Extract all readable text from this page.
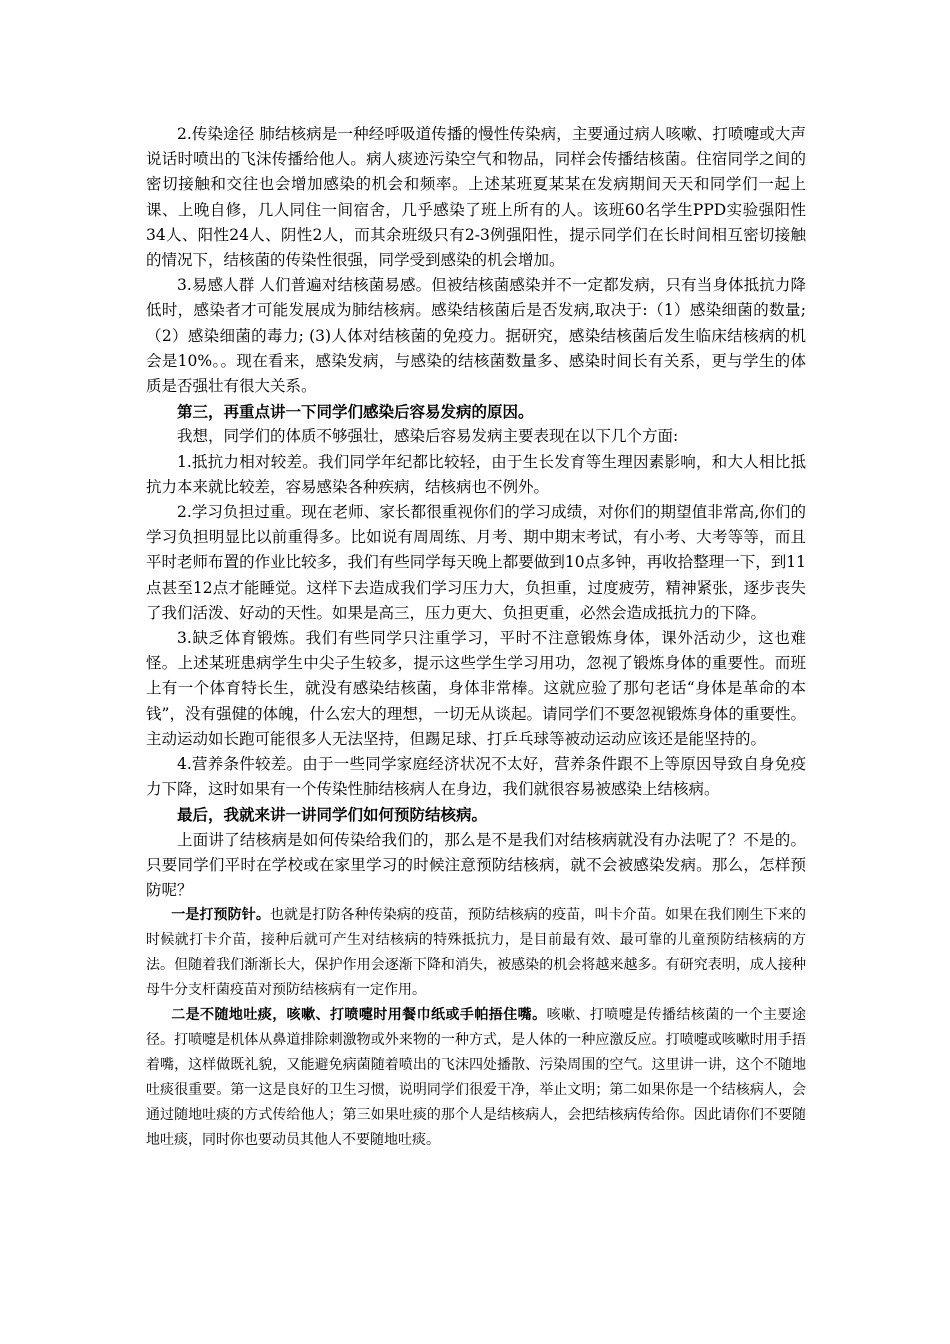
2.传染途径 肺结核病是一种经呼吸道传播的慢性传染病，主要通过病人咳嗽、打喷嚏或大声说话时喷出的飞沫传播给他人。病人痰迹污染空气和物品，同样会传播结核菌。住宿同学之间的密切接触和交往也会增加感染的机会和频率。上述某班夏某某在发病期间天天和同学们一起上课、上晚自修，几人同住一间宿舍，几乎感染了班上所有的人。该班60名学生PPD实验强阳性34人、阳性24人、阴性2人，而其余班级只有2-3例强阳性，提示同学们在长时间相互密切接触的情况下，结核菌的传染性很强，同学受到感染的机会增加。

3.易感人群 人们普遍对结核菌易感。但被结核菌感染并不一定都发病，只有当身体抵抗力降低时，感染者才可能发展成为肺结核病。感染结核菌后是否发病,取决于:（1）感染细菌的数量; （2）感染细菌的毒力; (3)人体对结核菌的免疫力。据研究，感染结核菌后发生临床结核病的机会是10%。。现在看来，感染发病，与感染的结核菌数量多、感染时间长有关系，更与学生的体质是否强壮有很大关系。

第三，再重点讲一下同学们感染后容易发病的原因。

我想，同学们的体质不够强壮，感染后容易发病主要表现在以下几个方面:

1.抵抗力相对较差。我们同学年纪都比较轻，由于生长发育等生理因素影响，和大人相比抵抗力本来就比较差，容易感染各种疾病，结核病也不例外。

2.学习负担过重。现在老师、家长都很重视你们的学习成绩，对你们的期望值非常高,你们的学习负担明显比以前重得多。比如说有周周练、月考、期中期末考试，有小考、大考等等，而且平时老师布置的作业比较多，我们有些同学每天晚上都要做到10点多钟，再收拾整理一下，到11点甚至12点才能睡觉。这样下去造成我们学习压力大，负担重，过度疲劳，精神紧张，逐步丧失了我们活泼、好动的天性。如果是高三，压力更大、负担更重，必然会造成抵抗力的下降。

3.缺乏体育锻炼。我们有些同学只注重学习，平时不注意锻炼身体，课外活动少，这也难怪。上述某班患病学生中尖子生较多，提示这些学生学习用功，忽视了锻炼身体的重要性。而班上有一个体育特长生，就没有感染结核菌，身体非常棒。这就应验了那句老话“身体是革命的本钱”，没有强健的体魄，什么宏大的理想，一切无从谈起。请同学们不要忽视锻炼身体的重要性。主动运动如长跑可能很多人无法坚持，但踢足球、打乒乓球等被动运动应该还是能坚持的。

4.营养条件较差。由于一些同学家庭经济状况不太好，营养条件跟不上等原因导致自身免疫力下降，这时如果有一个传染性肺结核病人在身边，我们就很容易被感染上结核病。

最后，我就来讲一讲同学们如何预防结核病。

上面讲了结核病是如何传染给我们的，那么是不是我们对结核病就没有办法呢了？不是的。只要同学们平时在学校或在家里学习的时候注意预防结核病，就不会被感染发病。那么，怎样预防呢？

一是打预防针。也就是打防各种传染病的疫苗，预防结核病的疫苗，叫卡介苗。如果在我们刚生下来的时候就打卡介苗，接种后就可产生对结核病的特殊抵抗力，是目前最有效、最可靠的儿童预防结核病的方法。但随着我们渐渐长大，保护作用会逐渐下降和消失，被感染的机会将越来越多。有研究表明，成人接种母牛分支杆菌疫苗对预防结核病有一定作用。

二是不随地吐痰，咳嗽、打喷嚏时用餐巾纸或手帕捂住嘴。咳嗽、打喷嚏是传播结核菌的一个主要途径。打喷嚏是机体从鼻道排除刺激物或外来物的一种方式，是人体的一种应激反应。打喷嚏或咳嗽时用手捂着嘴，这样做既礼貌，又能避免病菌随着喷出的飞沫四处播散、污染周围的空气。这里讲一讲，这个不随地吐痰很重要。第一这是良好的卫生习惯，说明同学们很爱干净，举止文明；第二如果你是一个结核病人，会通过随地吐痰的方式传给他人；第三如果吐痰的那个人是结核病人，会把结核病传给你。因此请你们不要随地吐痰，同时你也要动员其他人不要随地吐痰。
